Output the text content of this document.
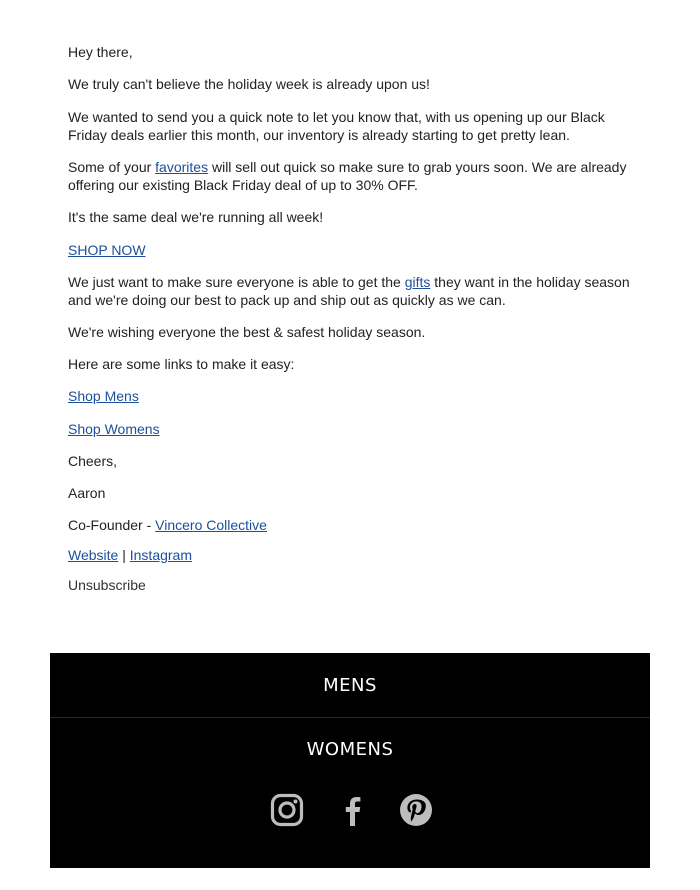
Hey there,

We truly can't believe the holiday week is already upon us!

We wanted to send you a quick note to let you know that, with us opening up our Black Friday deals earlier this month, our inventory is already starting to get pretty lean.

Some of your favorites will sell out quick so make sure to grab yours soon. We are already offering our existing Black Friday deal of up to 30% OFF.

It's the same deal we're running all week!

SHOP NOW

We just want to make sure everyone is able to get the gifts they want in the holiday season and we're doing our best to pack up and ship out as quickly as we can.

We're wishing everyone the best & safest holiday season.

Here are some links to make it easy:

Shop Mens

Shop Womens

Cheers,

Aaron

Co-Founder - Vincero Collective

Website | Instagram

Unsubscribe

MENS
WOMENS
